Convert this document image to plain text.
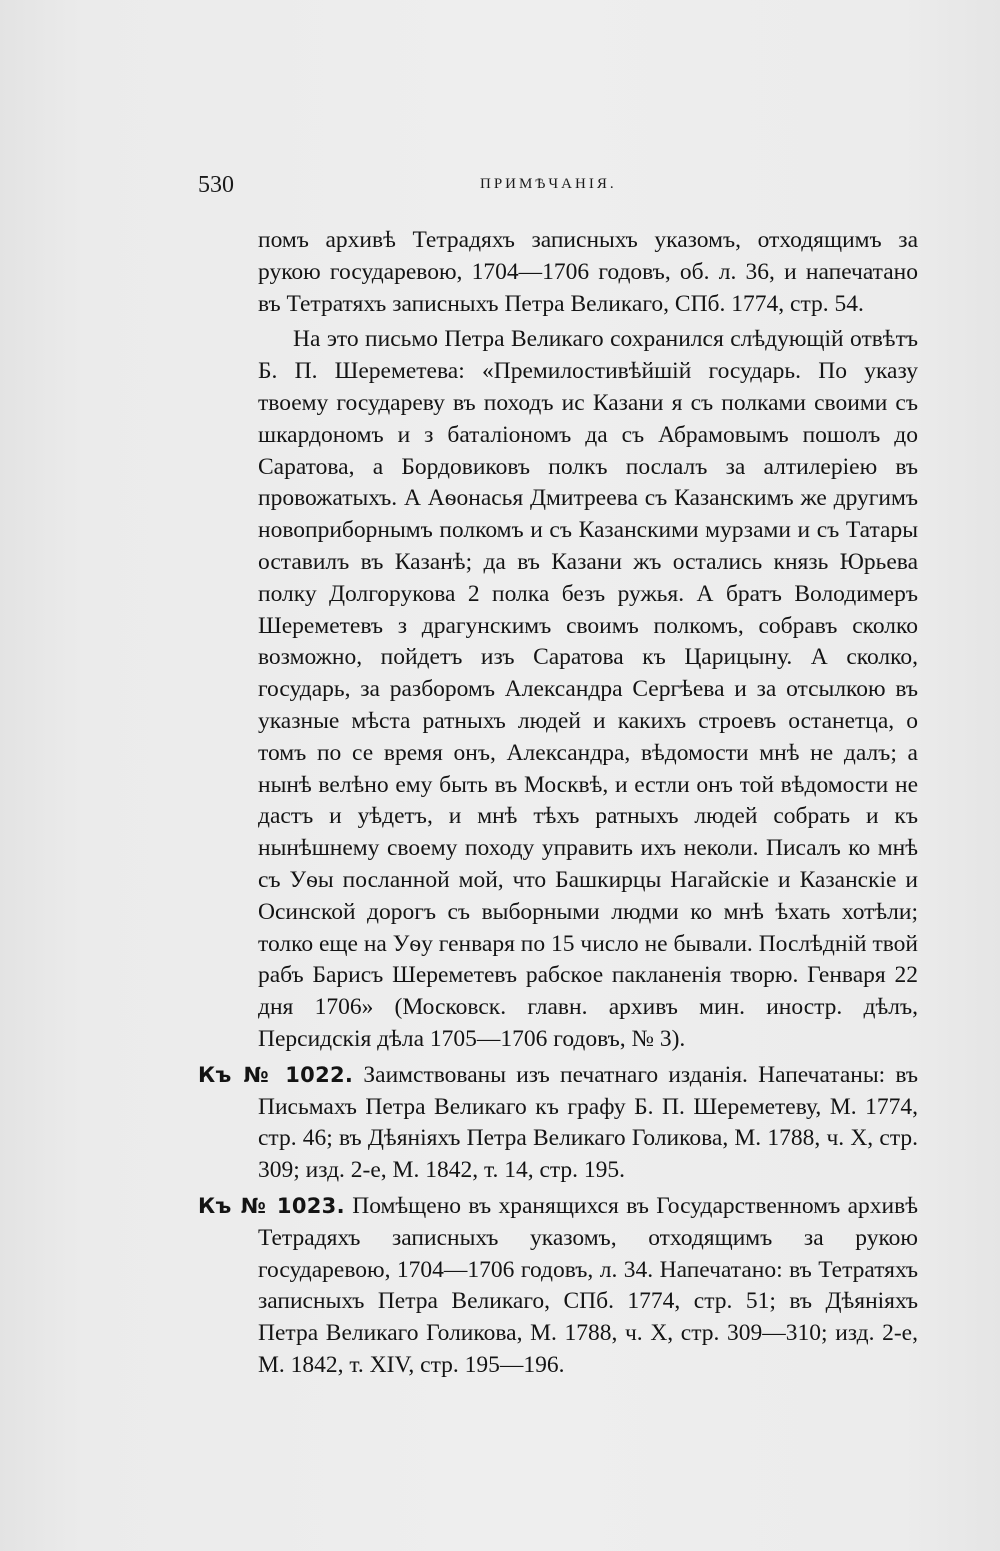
530	ПРИМѢЧАНІЯ.

помъ архивѣ Тетрадяхъ записныхъ указомъ, отходящимъ за рукою государевою, 1704—1706 годовъ, об. л. 36, и напечатано въ Тетратяхъ записныхъ Петра Великаго, СПб. 1774, стр. 54.

На это письмо Петра Великаго сохранился слѣдующій отвѣтъ Б. П. Шереметева: «Премилостивѣйшій государь. По указу твоему государеву въ походъ ис Казани я съ полками своими съ шкардономъ и з баталіономъ да съ Абрамовымъ пошолъ до Саратова, а Бордовиковъ полкъ послалъ за алтилеріею въ провожатыхъ. А Аѳонасья Дмитреева съ Казанскимъ же другимъ новоприборнымъ полкомъ и съ Казанскими мурзами и съ Татары оставилъ въ Казанѣ; да въ Казани жъ остались князь Юрьева полку Долгорукова 2 полка безъ ружья. А братъ Володимеръ Шереметевъ з драгунскимъ своимъ полкомъ, собравъ сколко возможно, пойдетъ изъ Саратова къ Царицыну. А сколко, государь, за разборомъ Александра Сергѣева и за отсылкою въ указные мѣста ратныхъ людей и какихъ строевъ останетца, о томъ по се время онъ, Александра, вѣдомости мнѣ не далъ; а нынѣ велѣно ему быть въ Москвѣ, и естли онъ той вѣдомости не дастъ и уѣдетъ, и мнѣ тѣхъ ратныхъ людей собрать и къ нынѣшнему своему походу управить ихъ неколи. Писалъ ко мнѣ съ Уѳы посланной мой, что Башкирцы Нагайскіе и Казанскіе и Осинской дорогъ съ выборными людми ко мнѣ ѣхать хотѣли; толко еще на Уѳу генваря по 15 число не бывали. Послѣдній твой рабъ Барисъ Шереметевъ рабское пакланенія творю. Генваря 22 дня 1706» (Московск. главн. архивъ мин. иностр. дѣлъ, Персидскія дѣла 1705—1706 годовъ, № 3).

Къ № 1022. Заимствованы изъ печатнаго изданія. Напечатаны: въ Письмахъ Петра Великаго къ графу Б. П. Шереметеву, М. 1774, стр. 46; въ Дѣяніяхъ Петра Великаго Голикова, М. 1788, ч. X, стр. 309; изд. 2-е, М. 1842, т. 14, стр. 195.

Къ № 1023. Помѣщено въ хранящихся въ Государственномъ архивѣ Тетрадяхъ записныхъ указомъ, отходящимъ за рукою государевою, 1704—1706 годовъ, л. 34. Напечатано: въ Тетратяхъ записныхъ Петра Великаго, СПб. 1774, стр. 51; въ Дѣяніяхъ Петра Великаго Голикова, М. 1788, ч. X, стр. 309—310; изд. 2-е, М. 1842, т. XIV, стр. 195—196.
